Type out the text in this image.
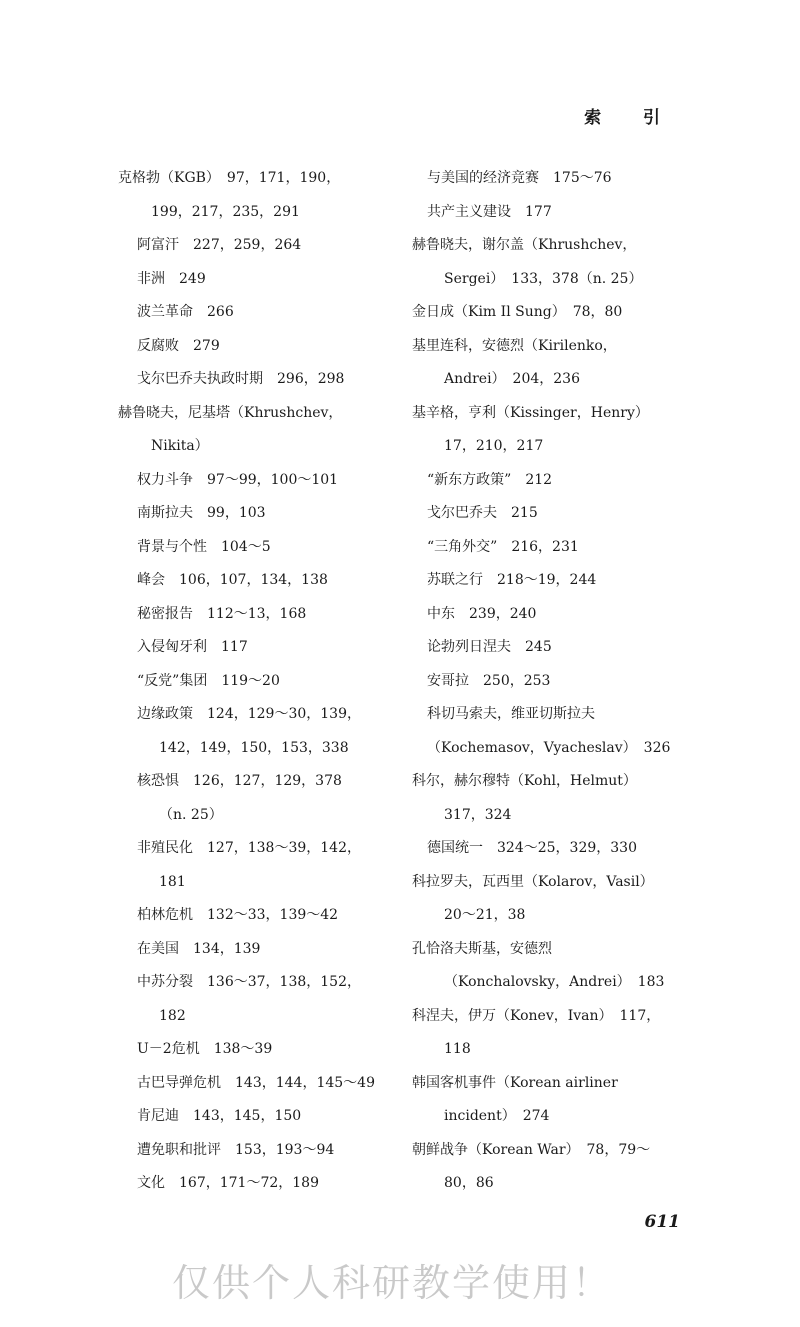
索 引
克格勃（KGB）　97，171，190，
199，217，235，291
阿富汗　227，259，264
非洲　249
波兰革命　266
反腐败　279
戈尔巴乔夫执政时期　296，298
赫鲁晓夫，尼基塔（Khrushchev，
Nikita）
权力斗争　97～99，100～101
南斯拉夫　99，103
背景与个性　104～5
峰会　106，107，134，138
秘密报告　112～13，168
入侵匈牙利　117
“反党”集团　119～20
边缘政策　124，129～30，139，
142，149，150，153，338
核恐惧　126，127，129，378
（n. 25）
非殖民化　127，138～39，142，
181
柏林危机　132～33，139～42
在美国　134，139
中苏分裂　136～37，138，152，
182
U－2危机　138～39
古巴导弹危机　143，144，145～49
肯尼迪　143，145，150
遭免职和批评　153，193～94
文化　167，171～72，189
与美国的经济竞赛　175～76
共产主义建设　177
赫鲁晓夫，谢尔盖（Khrushchev，
Sergei）　133，378（n. 25）
金日成（Kim Il Sung）　78，80
基里连科，安德烈（Kirilenko，
Andrei）　204，236
基辛格，亨利（Kissinger，Henry）
17，210，217
“新东方政策”　212
戈尔巴乔夫　215
“三角外交”　216，231
苏联之行　218～19，244
中东　239，240
论勃列日涅夫　245
安哥拉　250，253
科切马索夫，维亚切斯拉夫
（Kochemasov，Vyacheslav）　326
科尔，赫尔穆特（Kohl，Helmut）
317，324
德国统一　324～25，329，330
科拉罗夫，瓦西里（Kolarov，Vasil）
20～21，38
孔恰洛夫斯基，安德烈
（Konchalovsky，Andrei）　183
科涅夫，伊万（Konev，Ivan）　117，
118
韩国客机事件（Korean airliner
incident）　274
朝鲜战争（Korean War）　78，79～
80，86
611
仅供个人科研教学使用！
